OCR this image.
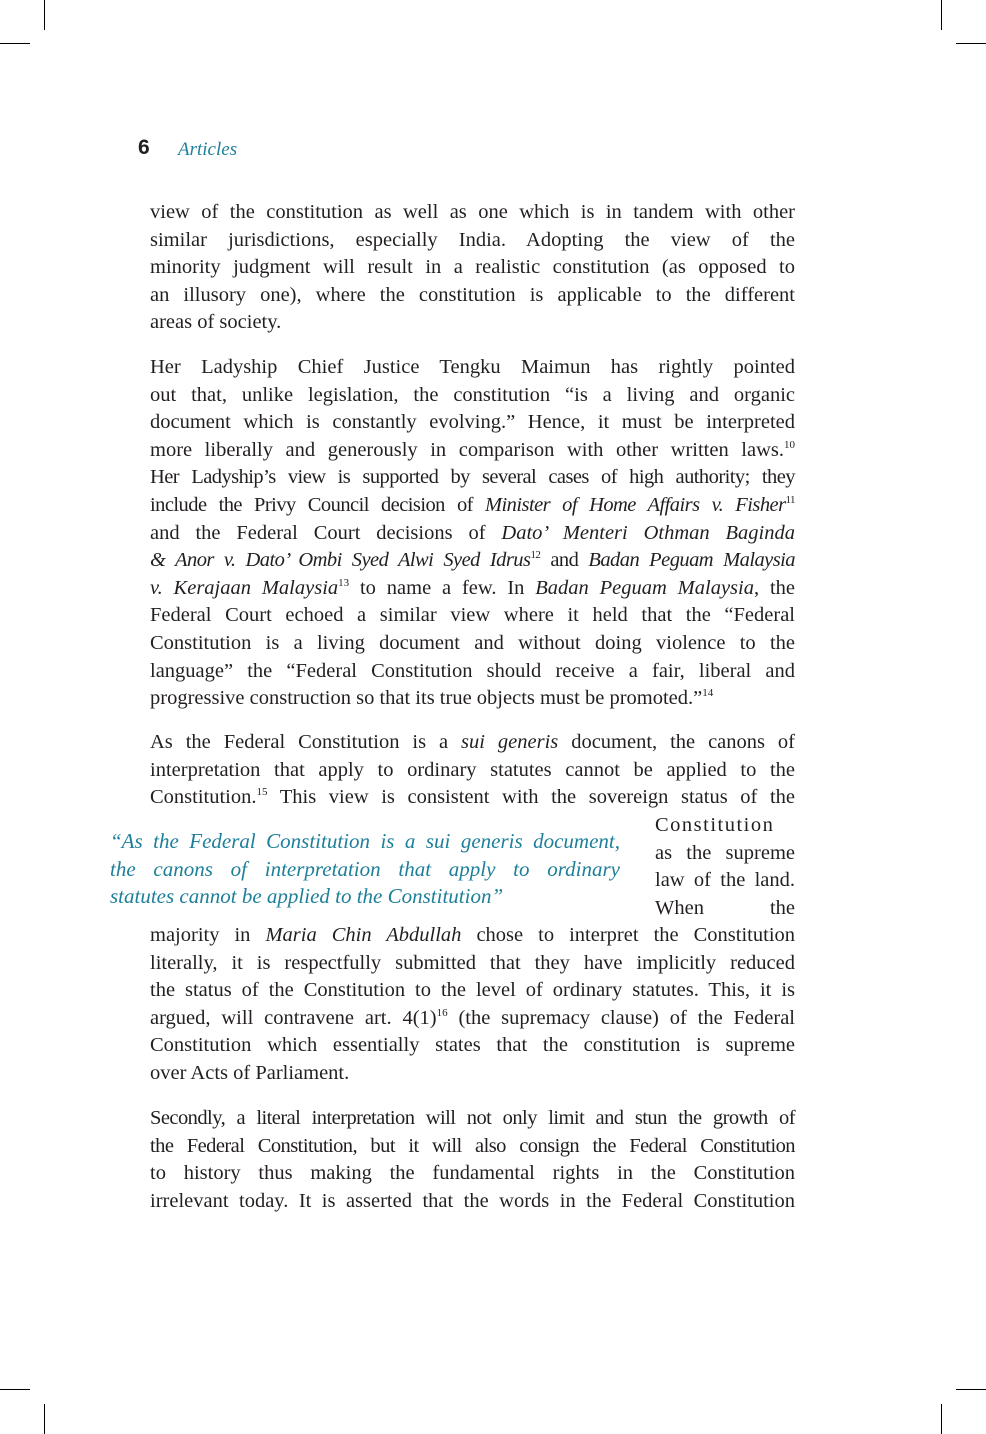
6 Articles
view of the constitution as well as one which is in tandem with other
similar jurisdictions, especially India. Adopting the view of the
minority judgment will result in a realistic constitution (as opposed to
an illusory one), where the constitution is applicable to the different
areas of society.
Her Ladyship Chief Justice Tengku Maimun has rightly pointed
out that, unlike legislation, the constitution “is a living and organic
document which is constantly evolving.” Hence, it must be interpreted
more liberally and generously in comparison with other written laws.$^{10}$
Her Ladyship’s view is supported by several cases of high authority; they
include the Privy Council decision of Minister of Home Affairs v. Fisher$^{11}$
and the Federal Court decisions of Dato’ Menteri Othman Baginda
& Anor v. Dato’ Ombi Syed Alwi Syed Idrus$^{12}$ and Badan Peguam Malaysia
v. Kerajaan Malaysia$^{13}$ to name a few. In Badan Peguam Malaysia, the
Federal Court echoed a similar view where it held that the “Federal
Constitution is a living document and without doing violence to the
language” the “Federal Constitution should receive a fair, liberal and
progressive construction so that its true objects must be promoted.”$^{14}$
As the Federal Constitution is a sui generis document, the canons of
interpretation that apply to ordinary statutes cannot be applied to the
Constitution.$^{15}$ This view is consistent with the sovereign status of the
“As the Federal Constitution is a sui generis document,
the canons of interpretation that apply to ordinary
statutes cannot be applied to the Constitution”
Constitution
as the supreme
law of the land.
When the
majority in Maria Chin Abdullah chose to interpret the Constitution
literally, it is respectfully submitted that they have implicitly reduced
the status of the Constitution to the level of ordinary statutes. This, it is
argued, will contravene art. $4(1)^{16}$ (the supremacy clause) of the Federal
Constitution which essentially states that the constitution is supreme
over Acts of Parliament.
Secondly, a literal interpretation will not only limit and stun the growth of
the Federal Constitution, but it will also consign the Federal Constitution
to history thus making the fundamental rights in the Constitution
irrelevant today. It is asserted that the words in the Federal Constitution
